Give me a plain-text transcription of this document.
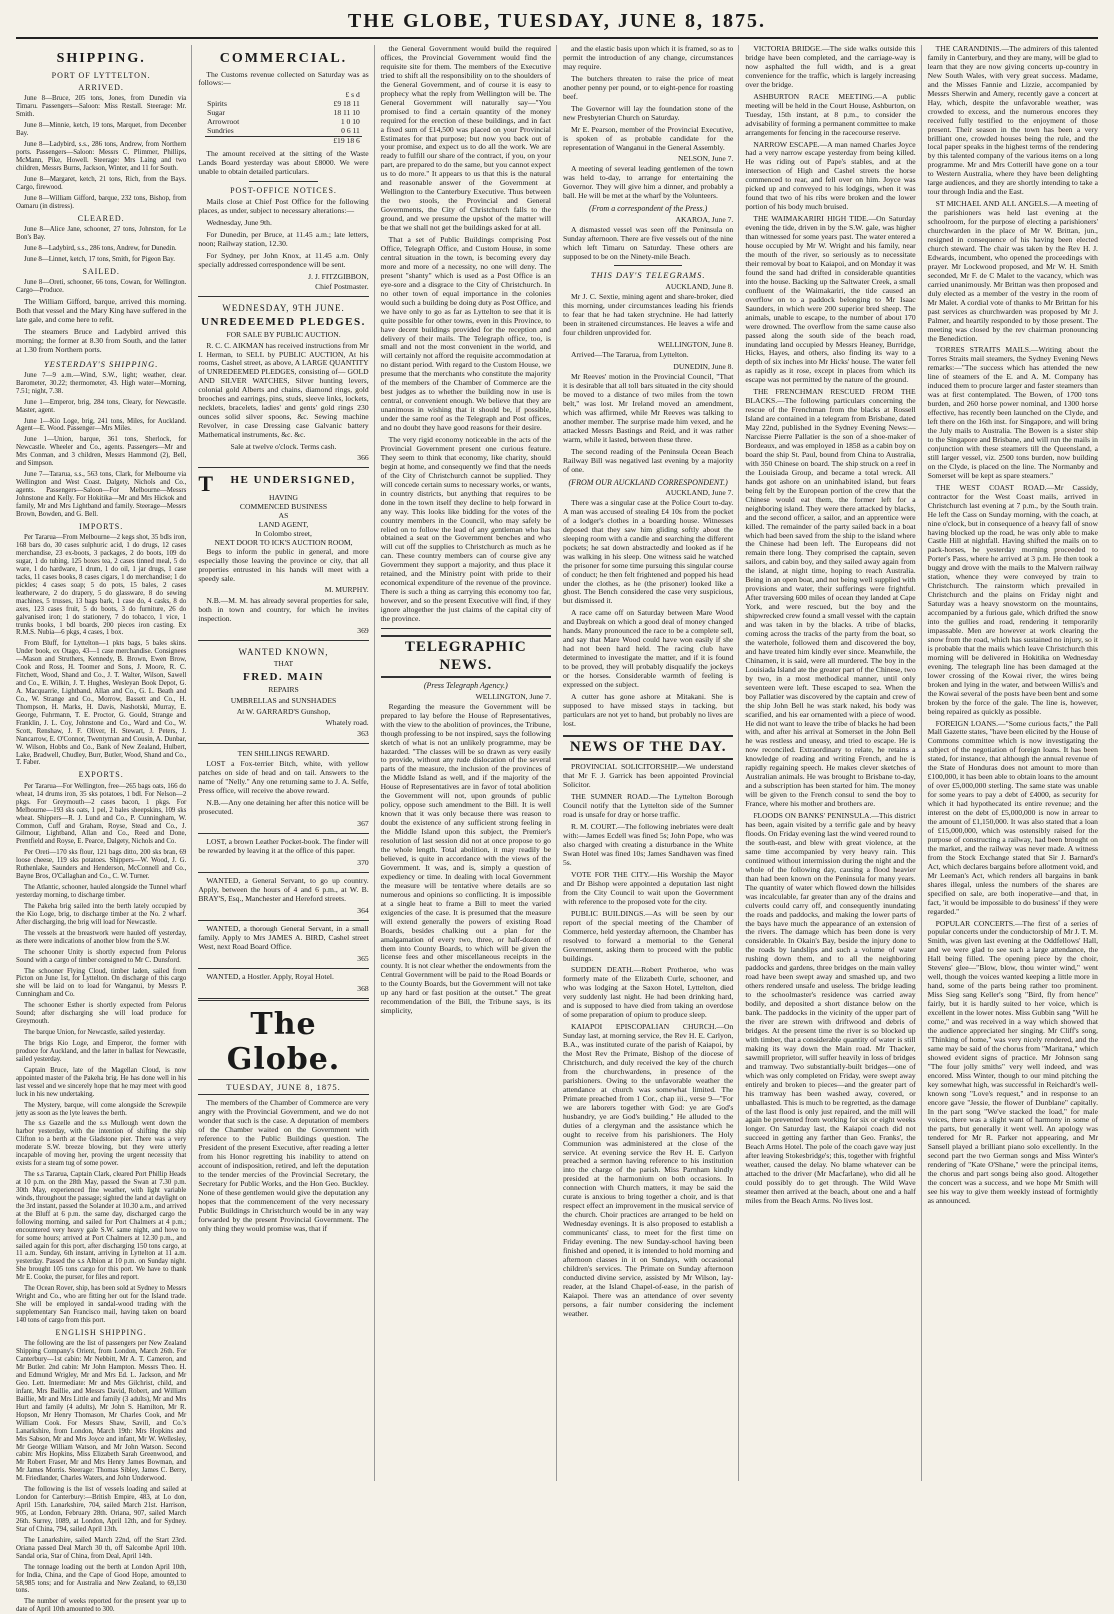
THE GLOBE, TUESDAY, JUNE 8, 1875.
SHIPPING.
PORT OF LYTTELTON.
ARRIVED.

June 8—Bruce, 205 tons, Jones, from Dunedin via Timaru. Passengers—Saloon: Miss Restall. Steerage: Mr. Smith.

June 8—Minnie, ketch, 19 tons, Marquet, from Decenber Bay.

June 8—Ladybird, s.s., 286 tons, Andrew, from Northern ports. Passengers—Saloon: Messrs C. Plimmer, Phillips, McMann, Pike, Howell. Steerage: Mrs Laing and two children, Messrs Burns, Jackson, Winter, and 11 for South.

June 8—Margaret, ketch, 21 tons, Rich, from the Bays. Cargo, firewood.

June 8—William Gifford, barque, 232 tons, Bishop, from Oamaru (in distress).

CLEARED.

June 8—Alice Jane, schooner, 27 tons, Johnston, for Le Bon's Bay.

June 8—Ladybird, s.s., 286 tons, Andrew, for Dunedin.

June 8—Linnet, ketch, 17 tons, Smith, for Pigeon Bay.

SAILED.

June 8—Oreti, schooner, 66 tons, Cowan, for Wellington. Cargo—Produce.

The William Gifford, barque, arrived this morning. Both that vessel and the Mary King have suffered in the late gale, and come here to refit.

The steamers Bruce and Ladybird arrived this morning; the former at 8.30 from South, and the latter at 1.30 from Northern ports.

YESTERDAY'S SHIPPING.

June 7—9 a.m.—Wind, S.W., light; weather, clear. Barometer, 30.22; thermometer, 43. High water—Morning, 7.51; night, 7.38.

June 1—Emperor, brig, 284 tons, Cleary, for Newcastle. Master, agent.

June 1—Kio Loge, brig, 241 tons, Miles, for Auckland. Agent—E. Wood. Passenger—Mrs Miles.

June 1—Union, barque, 361 tons, Sherlock, for Newcastle. Wheeler and Co., agents. Passengers—Mr and Mrs Conman, and 3 children, Messrs Hammond (2), Bell, and Simpson.

June 7—Tararua, s.s., 563 tons, Clark, for Melbourne via Wellington and West Coast. Dalgety, Nichols and Co., agents. Passengers—Saloon—For Melbourne—Messrs Johnstone and Kelly. For Hokitika—Mr and Mrs Hickok and family, Mr and Mrs Lightband and family. Steerage—Messrs Brown, Bowden, and G. Bell.

IMPORTS.

Per Tararua—From Melbourne—2 kegs shot, 35 bdls iron, 168 bars do, 30 cases sulphuric acid, 1 do drugs, 12 cases merchandise, 23 ex-boots, 3 packages, 2 do boots, 109 do sugar, 1 do tubing, 125 boxes tea, 2 cases tinned meal, 5 do ware, 1 do hardware, 1 drum, 1 do oil, 1 jar drugs, 1 case tacks, 11 cases books, 8 cases cigars, 1 do merchandise; 1 do pickles; 4 cases soap; 5 do pots, 15 bales, 2 cases leatherware, 2 do drapery, 5 do glassware, 8 do sewing machines, 5 trusses, 13 bags bark, 1 case do, 4 casks, 8 do axes, 123 cases fruit, 5 do boots, 3 do furniture, 26 do galvanised iron; 1 do stationery, 7 do tobacco, 1 vice, 1 trunks books, 1 bdl boards, 200 pieces iron casting. Ex R.M.S. Nubia—6 pkgs, 4 cases, 1 box.

From Bluff, for Lyttelton—1 pkts bags, 5 bales skins. Under book, ex Otago, 43—1 case merchandise. Consignees—Mason and Struthers, Kennedy, B. Brown, Ewen Brow, Cook and Ross, H. Toomer and Sons, J. Moore, R. C. Fitchett, Wood, Shand and Co., J. T. Walter, Wilson, Sawell and Co., E. Wilkin, J. T. Hughes, Wesleyan Book Depot, G. A. Macquarrie, Lightband, Allan and Co., G. L. Beath and Co., W. Strange and Co., Morrow, Bassett and Co., H. Thompson, H. Marks, H. Davis, Nashotski, Murray, E. George, Fuhrmann, T. E. Proctor, G. Gould, Strange and Franklin, J. L. Coy, Johnstone and Co., Ward and Co., W. Scott, Renshaw, J. F. Oliver, H. Stewart, J. Peters, J. Nancarrow, E. O'Connor, Twentyman and Cousin, A. Dunbar, W. Wilson, Hobbs and Co., Bank of New Zealand, Hulbert, Lake, Bradwell, Chudley, Burr, Butler, Wood, Shand and Co., T. Faber.

EXPORTS.

Per Tararua—For Wellington, free—265 bags oats, 166 do wheat, 14 drums iron, 35 sks potatoes, 1 bdl. For Nelson—2 pkgs. For Greymouth—2 cases bacon, 1 pkgs. For Melbourne—193 sks oats, 1 pel, 2 bales sheepskins, 109 sks wheat. Shippers—R. J. Lund and Co., P. Cunningham, W. Common, Cuff and Graham, Royse, Stead and Co., J. Gilmour, Lightband, Allan and Co., Reed and Done, Prentfield and Royse, E. Pearce, Dalgety, Nichols and Co.

Per Oreti—170 sks flour, 121 bags ditto, 200 sks bran, 69 loose cheese, 119 sks potatoes. Shippers—W. Wood, J. G. Ruthenlake, Saunders and Henderson, McConnell and Co., Bayne Bros, O'Callaghan and Co., C. W. Turner.

The Atlantic, schooner, hauled alongside the Tunnel wharf yesterday morning, to discharge timber.

The Pakeha brig sailed into the berth lately occupied by the Kio Loge, brig, to discharge timber at the No. 2 wharf. After discharging, the brig will load for Newcastle.

The vessels at the breastwork were hauled off yesterday, as there were indications of another blow from the S.W.

The schooner Unity is shortly expected from Pelorus Sound with a cargo of timber consigned to Mr C. Dunsford.

The schooner Flying Cloud, timber laden, sailed from Picton on June 1st, for Lyttelton. On discharge of this cargo she will be laid on to load for Wanganui, by Messrs P. Cunningham and Co.

The schooner Esther is shortly expected from Pelorus Sound; after discharging she will load produce for Greymouth.

The barque Union, for Newcastle, sailed yesterday.

The brigs Kio Loge, and Emperor, the former with produce for Auckland, and the latter in ballast for Newcastle, sailed yesterday.

Captain Bruce, late of the Magellan Cloud, is now appointed master of the Pakeha brig. He has done well in his last vessel and we sincerely hope that he may meet with good luck in his new undertaking.

The Mystery, barque, will come alongside the Screwpile jetty as soon as the lyte leaves the berth.

The s.s Gazelle and the s.s Mullough went down the harbor yesterday, with the intention of shifting the ship Clifton to a berth at the Gladstone pier. There was a very moderate S.W. breeze blowing, but they were utterly incapable of moving her, proving the urgent necessity that exists for a steam tug of some power.

The s.s Tararua, Captain Clark, cleared Port Phillip Heads at 10 p.m. on the 28th May, passed the Swan at 7.30 p.m. 30th May, experienced fine weather, with light variable winds, throughout the passage; sighted the land at daylight on the 3rd instant, passed the Solander at 10.30 a.m., and arrived at the Bluff at 6 p.m. the same day, discharged cargo the following morning, and sailed for Port Chalmers at 4 p.m.; encountered very heavy gale S.W. same night, and hove to for some hours; arrived at Port Chalmers at 12.30 p.m., and sailed again for this port, after discharging 150 tons cargo, at 11 a.m. Sunday, 6th instant, arriving in Lyttelton at 11 a.m. yesterday. Passed the s.s Albion at 10 p.m. on Sunday night. She brought 105 tons cargo for this port. We have to thank Mr E. Cooke, the purser, for files and report.

The Ocean Rover, ship, has been sold at Sydney to Messrs Wright and Co., who are fitting her out for the Island trade. She will be employed in sandal-wood trading with the supplementary San Francisco mail, having taken on board 140 tons of cargo from this port.

ENGLISH SHIPPING.

The following are the list of passengers per New Zealand Shipping Company's Orient, from London, March 26th. For Canterbury—1st cabin: Mr Nebbitt, Mr A. T. Cameron, and Mr Butler. 2nd cabin: Mr John Hampton. Messrs Theo. H. and Edmund Wrigley, Mr and Mrs Ed. L. Jackson, and Mr Geo. Lett. Intermediate: Mr and Mrs Gilchrist, child, and infant, Mrs Baillie, and Messrs David, Robert, and William Baillie, Mr and Mrs Little and family (3 adults), Mr and Mrs Hurt and family (4 adults), Mr John S. Hamilton, Mr R. Hopson, Mr Henry Thomason, Mr Charles Cook, and Mr William Cook. For Messrs Shaw, Savill, and Co.'s Lanarkshire, from London, March 19th: Mrs Hopkins and Mrs Sabson, Mr and Mrs Joyce and infant, Mr W. Wellesley, Mr George William Watson, and Mr John Watson. Second cabin: Mrs Hopkins, Miss Elizabeth Sarah Greenwood, and Mr Robert Fraser, Mr and Mrs Henry James Bowman, and Mr James Morris. Steerage: Thomas Sibley, James C. Berry, M. Friedlander, Charles Waters, and John Underwood.

The following is the list of vessels loading and sailed at London for Canterbury:—British Empire, 483, at Lo don, April 15th. Lanarkshire, 704, sailed March 21st. Harrison, 905, at London, February 28th. Oriana, 907, sailed March 26th. Surrey, 1089, at London, April 12th, and for Sydney. Star of China, 794, sailed April 13th.

The Lanarkshire, sailed March 22nd, off the Start 23rd. Oriana passed Deal March 30 th, off Salcombe April 10th. Sandal oria, Star of China, from Deal, April 14th.

The tonnage loading out the berth at London April 10th, for India, China, and the Cape of Good Hope, amounted to 58,985 tons; and for Australia and New Zealand, to 69,130 tons.

The number of weeks reported for the present year up to date of April 10th amounted to 300.

COMMERCIAL.

The Customs revenue collected on Saturday was as follows:—

	£ s d
Spirits	£9 18 11
Sugar	18 11 10
Arrowroot	1 0 10
Sundries	0 6 11
	£19 18 6

The amount received at the sitting of the Waste Lands Board yesterday was about £8000. We were unable to obtain detailed particulars.

POST-OFFICE NOTICES.

Mails close at Chief Post Office for the following places, as under, subject to necessary alterations:—

Wednesday, June 9th.

For Dunedin, per Bruce, at 11.45 a.m.; late letters, noon; Railway station, 12.30.

For Sydney, per John Knox, at 11.45 a.m. Only specially addressed correspondence will be sent.

J. J. FITZGIBBON,
Chief Postmaster.
WEDNESDAY, 9TH JUNE.
UNREDEEMED PLEDGES.
FOR SALE BY PUBLIC AUCTION.

R. C. C. AIKMAN has received instructions from Mr I. Herman, to SELL by PUBLIC AUCTION, At his rooms, Cashel street, as above, A LARGE QUANTITY of UNREDEEMED PLEDGES, consisting of— GOLD AND SILVER WATCHES, Silver hunting levers, colonial gold Alberts and chains, diamond rings, gold brooches and earrings, pins, studs, sleeve links, lockets, necklets, bracelets, ladies' and gents' gold rings 230 ounces solid silver spoons, &c. Sewing machine Revolver, in case Dressing case Galvanic battery Mathematical instruments, &c. &c.

Sale at twelve o'clock. Terms cash.
366
T HE UNDERSIGNED,
HAVING
COMMENCED BUSINESS
AS
LAND AGENT,
In Colombo street,
NEXT DOOR TO ICK'S AUCTION ROOM,

Begs to inform the public in general, and more especially those leaving the province or city, that all properties entrusted in his hands will meet with a speedy sale.

M. MURPHY.

N.B.—M. M. has already several properties for sale, both in town and country, for which he invites inspection.

369
WANTED KNOWN,
THAT
FRED. MAIN
REPAIRS
UMBRELLAS and SUNSHADES
At W. GARRARD'S Gunshop,
Whately road.
363
TEN SHILLINGS REWARD.

LOST a Fox-terrier Bitch, white, with yellow patches on side of head and on tail. Answers to the name of "Nelly." Any one returning same to J. A. Selfe, Press office, will receive the above reward.

N.B.—Any one detaining her after this notice will be prosecuted.

367

LOST, a brown Leather Pocket-book. The finder will be rewarded by leaving it at the office of this paper.

370

WANTED, a General Servant, to go up country. Apply, between the hours of 4 and 6 p.m., at W. B. BRAY'S, Esq., Manchester and Hereford streets.

364

WANTED, a thorough General Servant, in a small family. Apply to Mrs JAMES A. BIRD, Cashel street West, next Road Board Office.

365

WANTED, a Hostler. Apply, Royal Hotel.

368
The Globe.
TUESDAY, JUNE 8, 1875.

The members of the Chamber of Commerce are very angry with the Provincial Government, and we do not wonder that such is the case. A deputation of members of the Chamber waited on the Government with reference to the Public Buildings question. The President of the present Executive, after reading a letter from his Honor regretting his inability to attend on account of indisposition, retired, and left the deputation to the tender mercies of the Provincial Secretary, the Secretary for Public Works, and the Hon Geo. Buckley. None of these gentlemen would give the deputation any hopes that the commencement of the very necessary Public Buildings in Christchurch would be in any way forwarded by the present Provincial Government. The only thing they would promise was, that if

the General Government would build the required offices, the Provincial Government would find the requisite site for them. The members of the Executive tried to shift all the responsibility on to the shoulders of the General Government, and of course it is easy to prophecy what the reply from Wellington will be. The General Government will naturally say—"You promised to find a certain quantity of the money required for the erection of these buildings, and in fact a fixed sum of £14,500 was placed on your Provincial Estimates for that purpose; but now you back out of your promise, and expect us to do all the work. We are ready to fulfill our share of the contract, if you, on your part, are prepared to do the same, but you cannot expect us to do more." It appears to us that this is the natural and reasonable answer of the Government at Wellington to the Canterbury Executive. Thus between the two stools, the Provincial and General Governments, the City of Christchurch falls to the ground, and we presume the upshot of the matter will be that we shall not get the buildings asked for at all.

That a set of Public Buildings comprising Post Office, Telegraph Office, and Custom House, in some central situation in the town, is becoming every day more and more of a necessity, no one will deny. The present "shanty" which is used as a Post Office is an eye-sore and a disgrace to the City of Christchurch. In no other town of equal importance in the colonies would such a building be doing duty as Post Office, and we have only to go as far as Lyttelton to see that it is quite possible for other towns, even in this Province, to have decent buildings provided for the reception and delivery of their mails. The Telegraph office, too, is small and not the most convenient in the world, and will certainly not afford the requisite accommodation at no distant period. With regard to the Custom House, we presume that the merchants who constitute the majority of the members of the Chamber of Commerce are the best judges as to whether the building now in use is central, or convenient enough. We believe that they are unanimous in wishing that it should be, if possible, under the same roof as the Telegraph and Post offices, and no doubt they have good reasons for their desire.

The very rigid economy noticeable in the acts of the Provincial Government present one curious feature. They seem to think that economy, like charity, should begin at home, and consequently we find that the needs of the City of Christchurch cannot be supplied. They will concede certain sums to necessary works, or wants, in country districts, but anything that requires to be done in the town itself they decline to help forward in any way. This looks like bidding for the votes of the country members in the Council, who may safely be relied on to follow the lead of any gentleman who has obtained a seat on the Government benches and who will cut off the supplies to Christchurch as much as he can. These country members can of course give any Government they support a majority, and thus place it retained, and the Ministry point with pride to their economical expenditure of the revenue of the province. There is such a thing as carrying this economy too far, however, and so the present Executive will find, if they ignore altogether the just claims of the capital city of the province.

TELEGRAPHIC NEWS.
(Press Telegraph Agency.)
WELLINGTON, June 7.

Regarding the measure the Government will be prepared to lay before the House of Representatives, with the view to the abolition of provinces, the Tribune, though professing to be not inspired, says the following sketch of what is not an unlikely programme, may be hazarded. "The classes will be so drawn as very easily to provide, without any rude dislocation of the several parts of the measure, the inclusion of the provinces of the Middle Island as well, and if the majority of the House of Representatives are in favor of total abolition the Government will not, upon grounds of public policy, oppose such amendment to the Bill. It is well known that it was only because there was reason to doubt the existence of any sufficient strong feeling in the Middle Island upon this subject, the Premier's resolution of last session did not at once propose to go the whole length. Total abolition, it may readily be believed, is quite in accordance with the views of the Government. It was, and is, simply a question of expediency or time. In dealing with local Government the measure will be tentative where details are so numerous and opinions so conflicting. It is impossible at a single heat to frame a Bill to meet the varied exigencies of the case. It is presumed that the measure will extend generally the powers of existing Road Boards, besides chalking out a plan for the amalgamation of every two, three, or half-dozen of them into County Boards, to which will be given the license fees and other miscellaneous receipts in the county. It is not clear whether the endowments from the Central Government will be paid to the Road Boards or to the County Boards, but the Government will not take up any hard or fast position at the outset." The great recommendation of the Bill, the Tribune says, is its simplicity,

and the elastic basis upon which it is framed, so as to permit the introduction of any change, circumstances may require.

The butchers threaten to raise the price of meat another penny per pound, or to eight-pence for roasting beef.

The Governor will lay the foundation stone of the new Presbyterian Church on Saturday.

Mr E. Pearson, member of the Provincial Executive, is spoken of as probable candidate for the representation of Wanganui in the General Assembly.

NELSON, June 7.

A meeting of several leading gentlemen of the town was held to-day, to arrange for entertaining the Governor. They will give him a dinner, and probably a ball. He will be met at the wharf by the Volunteers.

(From a correspondent of the Press.)
AKAROA, June 7.

A dismasted vessel was seen off the Peninsula on Sunday afternoon. There are five vessels out of the nine which left Timaru on Saturday. These others are supposed to be on the Ninety-mile Beach.

THIS DAY'S TELEGRAMS.
AUCKLAND, June 8.

Mr J. C. Sextie, mining agent and share-broker, died this morning, under circumstances leading his friends to fear that he had taken strychnine. He had latterly been in straitened circumstances. He leaves a wife and four children unprovided for.

WELLINGTON, June 8.

Arrived—The Tararua, from Lyttelton.

DUNEDIN, June 8.

Mr Reeves' motion in the Provincial Council, "That it is desirable that all toll bars situated in the city should be moved to a distance of two miles from the town belt," was lost. Mr Ireland moved an amendment, which was affirmed, while Mr Reeves was talking to another member. The surprise made him vexed, and he attacked Messrs Bastings and Reid, and it was rather warm, while it lasted, between these three.

The second reading of the Peninsula Ocean Beach Railway Bill was negatived last evening by a majority of one.

(FROM OUR AUCKLAND CORRESPONDENT.)
AUCKLAND, June 7.

There was a singular case at the Police Court to-day. A man was accused of stealing £4 10s from the pocket of a lodger's clothes in a boarding house. Witnesses deposed that they saw him gliding softly about the sleeping room with a candle and searching the different pockets; he sat down abstractedly and looked as if he was walking in his sleep. One witness said he watched the prisoner for some time pursuing this singular course of conduct; he then felt frightened and popped his head under the clothes, as he (the prisoner) looked like a ghost. The Bench considered the case very suspicious, but dismissed it.

A race came off on Saturday between Mare Wood and Daybreak on which a good deal of money changed hands. Many pronounced the race to be a complete sell, and say that Mare Wood could have won easily if she had not been hard held. The racing club have determined to investigate the matter, and if it is found to be proved, they will probably disqualify the jockeys or the horses. Considerable warmth of feeling is expressed on the subject.

A cutter has gone ashore at Mitakani. She is supposed to have missed stays in tacking, but particulars are not yet to hand, but probably no lives are lost.

NEWS OF THE DAY.

PROVINCIAL SOLICITORSHIP.—We understand that Mr F. J. Garrick has been appointed Provincial Solicitor.

THE SUMNER ROAD.—The Lyttelton Borough Council notify that the Lyttelton side of the Sumner road is unsafe for dray or horse traffic.

R. M. COURT.—The following inebriates were dealt with:—James Ecdell was fined 5s; John Pope, who was also charged with creating a disturbance in the White Swan Hotel was fined 10s; James Sandhaven was fined 5s.

VOTE FOR THE CITY.—His Worship the Mayor and Dr Bishop were appointed a deputation last night from the City Council to wait upon the Government with reference to the proposed vote for the city.

PUBLIC BUILDINGS.—As will be seen by our report of the special meeting of the Chamber of Commerce, held yesterday afternoon, the Chamber has resolved to forward a memorial to the General Government, asking them to proceed with the public buildings.

SUDDEN DEATH.—Robert Protheroe, who was formerly mate of the Elizabeth Curle, schooner, and who was lodging at the Saxon Hotel, Lyttelton, died very suddenly last night. He had been drinking hard, and is supposed to have died from taking an overdose of some preparation of opium to produce sleep.

KAIAPOI EPISCOPALIAN CHURCH.—On Sunday last, at morning service, the Rev H. E. Carlyon, B.A., was instituted curate of the parish of Kaiapoi, by the Most Rev the Primate, Bishop of the diocese of Christchurch, and duly received the key of the church from the churchwardens, in presence of the parishioners. Owing to the unfavorable weather the attendance at church was somewhat limited. The Primate preached from 1 Cor., chap iii., verse 9—"For we are laborers together with God: ye are God's husbandry, ye are God's building." He alluded to the duties of a clergyman and the assistance which he ought to receive from his parishioners. The Holy Communion was administered at the close of the service. At evening service the Rev H. E. Carlyon preached a sermon having reference to his institution into the charge of the parish. Miss Parnham kindly presided at the harmonium on both occasions. In connection with Church matters, it may be said the curate is anxious to bring together a choir, and is that respect effect an improvement in the musical service of the church. Choir practices are arranged to be held on Wednesday evenings. It is also proposed to establish a communicants' class, to meet for the first time on Friday evening. The new Sunday-school having been finished and opened, it is intended to hold morning and afternoon classes in it on Sundays, with occasional children's services. The Primate on Sunday afternoon conducted divine service, assisted by Mr Wilson, lay-reader, at the Island Chapel-of-ease, in the parish of Kaiapoi. There was an attendance of over seventy persons, a fair number considering the inclement weather.

VICTORIA BRIDGE.—The side walks outside this bridge have been completed, and the carriage-way is now asphalted the full width, and is a great convenience for the traffic, which is largely increasing over the bridge.

ASHBURTON RACE MEETING.—A public meeting will be held in the Court House, Ashburton, on Tuesday, 15th instant, at 8 p.m., to consider the advisability of forming a permanent committee to make arrangements for fencing in the racecourse reserve.

NARROW ESCAPE.—A man named Charles Joyce had a very narrow escape yesterday from being killed. He was riding out of Pape's stables, and at the intersection of High and Cashel streets the horse commenced to rear, and fell over on him. Joyce was picked up and conveyed to his lodgings, when it was found that two of his ribs were broken and the lower portion of his body much bruised.

THE WAIMAKARIRI HIGH TIDE.—On Saturday evening the tide, driven in by the S.W. gale, was higher than witnessed for some years past. The water entered a house occupied by Mr W. Wright and his family, near the mouth of the river, so seriously as to necessitate their removal by boat to Kaiapoi, and on Monday it was found the sand had drifted in considerable quantities into the house. Backing up the Saltwater Creek, a small confluent of the Waimakariri, the tide caused an overflow on to a paddock belonging to Mr Isaac Saunders, in which were 200 superior bred sheep. The animals, unable to escape, to the number of about 170 were drowned. The overflow from the same cause also passed along the south side of the beach road, inundating land occupied by Messrs Heaney, Burridge, Hicks, Hayes, and others, also finding its way to a depth of six inches into Mr Hicks' house. The water fell as rapidly as it rose, except in places from which its escape was not permitted by the nature of the ground.

THE FRENCHMAN RESCUED FROM THE BLACKS.—The following particulars concerning the rescue of the Frenchman from the blacks at Rossell Island are contained in a telegram from Brisbane, dated May 22nd, published in the Sydney Evening News:—Narcisse Pierre Pallatier is the son of a shoe-maker of Bordeaux, and was employed in 1858 as a cabin boy on board the ship St. Paul, bound from China to Australia, with 350 Chinese on board. The ship struck on a reef in the Louisiada Group, and became a total wreck. All hands got ashore on an uninhabited island, but fears being felt by the European portion of the crew that the Chinese would eat them, the former left for a neighboring island. They were there attacked by blacks, and the second officer, a sailor, and an apprentice were killed. The remainder of the party sailed back in a boat which had been saved from the ship to the island where the Chinese had been left. The Europeans did not remain there long. They comprised the captain, seven sailors, and cabin boy, and they sailed away again from the island, at night time, hoping to reach Australia. Being in an open boat, and not being well supplied with provisions and water, their sufferings were frightful. After traversing 600 miles of ocean they landed at Cape York, and were rescued, but the boy and the shipwrecked crew found a small vessel with the captain and was taken in by the blacks. A tribe of blacks, coming across the tracks of the party from the boat, so the waterhole, followed them and discovered the boy, and have treated him kindly ever since. Meanwhile, the Chinamen, it is said, were all murdered. The boy in the Louisiada Island ate the greater part of the Chinese, two by two, in a most methodical manner, until only seventeen were left. These escaped to sea. When the boy Pallatier was discovered by the captain and crew of the ship John Bell he was stark naked, his body was scarified, and his ear ornamented with a piece of wood. He did not want to leave the tribe of blacks he had been with, and after his arrival at Somerset in the John Bell he was restless and uneasy, and tried to escape. He is now reconciled. Extraordinary to relate, he retains a knowledge of reading and writing French, and he is rapidly regaining speech. He makes clever sketches of Australian animals. He was brought to Brisbane to-day, and a subscription has been started for him. The money will be given to the French consul to send the boy to France, where his mother and brothers are.

FLOODS ON BANKS' PENINSULA.—This district has been, again visited by a terrific gale and by heavy floods. On Friday evening last the wind veered round to the south-east, and blew with great violence, at the same time accompanied by very heavy rain. This continued without intermission during the night and the whole of the following day, causing a flood heavier than had been known on the Peninsula for many years. The quantity of water which flowed down the hillsides was incalculable, far greater than any of the drains and culverts could carry off, and consequently inundating the roads and paddocks, and making the lower parts of the bays have much the appearance of an extension of the rivers. The damage which has been done is very considerable. In Okain's Bay, beside the injury done to the roads by landslips and such a volume of water rushing down them, and to all the neighboring paddocks and gardens, three bridges on the main valley road have been swept away and smashed up, and two others rendered unsafe and useless. The bridge leading to the schoolmaster's residence was carried away bodily, and deposited a short distance below on the bank. The paddocks in the vicinity of the upper part of the river are strewn with driftwood and debris of bridges. At the present time the river is so blocked up with timber, that a considerable quantity of water is still making its way down the Main road. Mr Thacker, sawmill proprietor, will suffer heavily in loss of bridges and tramway. Two substantially-built bridges—one of which was only completed on Friday, were swept away entirely and broken to pieces—and the greater part of his tramway has been washed away, covered, or unballasted. This is much to be regretted, as the damage of the last flood is only just repaired, and the mill will again be prevented from working for six or eight weeks longer. On Saturday last, the Kaiapoi coach did not succeed in getting any farther than Geo. Franks', the Beach Arms Hotel. The pole of the coach gave way just after leaving Stokesbridge's; this, together with frightful weather, caused the delay. No blame whatever can be attached to the driver (Mr Macfarlane), who did all he could possibly do to get through. The Wild Wave steamer then arrived at the beach, about one and a half miles from the Beach Arms. No lives lost.

THE CARANDINIS.—The admirers of this talented family in Canterbury, and they are many, will be glad to learn that they are now giving concerts up-country in New South Wales, with very great success. Madame, and the Misses Fannie and Lizzie, accompanied by Messrs Sherwin and Amery, recently gave a concert at Hay, which, despite the unfavorable weather, was crowded to excess, and the numerous encores they received fully testified to the enjoyment of those present. Their season in the town has been a very brilliant one, crowded houses being the rule, and the local paper speaks in the highest terms of the rendering by this talented company of the various items on a long programme. Mr and Mrs Cotterill have gone on a tour to Western Australia, where they have been delighting large audiences, and they are shortly intending to take a tour through India and the East.

ST MICHAEL AND ALL ANGELS.—A meeting of the parishioners was held last evening at the schoolroom, for the purpose of electing a parishioners' churchwarden in the place of Mr W. Brittan, jun., resigned in consequence of his having been elected church steward. The chair was taken by the Rev H. J. Edwards, incumbent, who opened the proceedings with prayer. Mr Lockwood proposed, and Mr W. H. Smith seconded, Mr F. de C Malet to the vacancy, which was carried unanimously. Mr Brittan was then proposed and duly elected as a member of the vestry in the room of Mr Malet. A cordial vote of thanks to Mr Brittan for his past services as churchwarden was proposed by Mr J. Palmer, and heartily responded to by those present. The meeting was closed by the rev chairman pronouncing the Benediction.

TORRES STRAITS MAILS.—Writing about the Torres Straits mail steamers, the Sydney Evening News remarks:—"The success which has attended the new line of steamers of the E. and A. M. Company has induced them to procure larger and faster steamers than was at first contemplated. The Bowen, of 1700 tons burden, and 260 horse power nominal, and 1300 horse effective, has recently been launched on the Clyde, and left there on the 16th inst. for Singapore, and will bring the July mails to Australia. The Bowen is a sister ship to the Singapore and Brisbane, and will run the mails in conjunction with these steamers till the Queensland, a still larger vessel, viz. 2500 tons burden, now building on the Clyde, is placed on the line. The Normanby and Somerset will be kept as spare steamers."

THE WEST COAST ROAD.—Mr Cassidy, contractor for the West Coast mails, arrived in Christchurch last evening at 7 p.m., by the South train. He left the Cass on Sunday morning, with the coach, at nine o'clock, but in consequence of a heavy fall of snow having blocked up the road, he was only able to make Castle Hill at nightfall. Having shifted the mails on to pack-horses, he yesterday morning proceeded to Porter's Pass, where he arrived at 3 p.m. He then took a buggy and drove with the mails to the Malvern railway station, whence they were conveyed by train to Christchurch. The rainstorm which prevailed in Christchurch and the plains on Friday night and Saturday was a heavy snowstorm on the mountains, accompanied by a furious gale, which drifted the snow into the gullies and road, rendering it temporarily impassable. Men are however at work clearing the snow from the road, which has sustained no injury, so it is probable that the mails which leave Christchurch this morning will be delivered in Hokitika on Wednesday evening. The telegraph line has been damaged at the lower crossing of the Kowai river, the wires being broken and lying in the water, and between Willis's and the Kowai several of the posts have been bent and some broken by the force of the gale. The line is, however, being repaired as quickly as possible.

FOREIGN LOANS.—"Some curious facts," the Pall Mall Gazette states, "have been elicited by the House of Commons committee which is now investigating the subject of the negotiation of foreign loans. It has been stated, for instance, that although the annual revenue of the State of Honduras does not amount to more than £100,000, it has been able to obtain loans to the amount of over £5,000,000 sterling. The same state was unable for some years to pay a debt of £4000, as security for which it had hypothecated its entire revenue; and the interest on the debt of £5,000,000 is now in arrear to the amount of £1,150,000. It was also stated that a loan of £15,000,000, which was ostensibly raised for the purpose of constructing a railway, had been brought on the market, and the railway was never made. A witness from the Stock Exchange stated that Sir J. Barnard's Act, which declares bargains before allotment void, and Mr Leeman's Act, which renders all bargains in bank shares illegal, unless the numbers of the shares are specified on sale, are both inoperative—and that, in fact, 'it would be impossible to do business' if they were regarded."

POPULAR CONCERTS.—The first of a series of popular concerts under the conductorship of Mr J. T. M. Smith, was given last evening at the Oddfellows' Hall, and we were glad to see such a large attendance, the Hall being filled. The opening piece by the choir, Stevens' glee—"Blow, blow, thou winter wind," went well, though the voices wanted keeping a little more in hand, some of the parts being rather too prominent. Miss Sieg sang Keller's song "Bird, fly from hence" fairly, but it is hardly suited to her voice, which is excellent in the lower notes. Miss Gubbin sang "Will he come," and was received in a way which showed that the audience appreciated her singing. Mr Cliff's song, "Thinking of home," was very nicely rendered, and the same may be said of the chorus from "Maritana," which showed evident signs of practice. Mr Johnson sang "The four jolly smiths" very well indeed, and was encored. Miss Winter, though to our mind pitching the key somewhat high, was successful in Reichardt's well-known song "Love's request," and in response to an encore gave "Jessie, the flower of Dunblane" capitally. In the part song "We've stacked the load," for male voices, there was a slight want of harmony in some of the parts, but generally it went well. An apology was tendered for Mr R. Parker not appearing, and Mr Sansell played a brilliant piano solo excellently. In the second part the two German songs and Miss Winter's rendering of "Kate O'Shane," were the principal items, the chorus and part songs being also good. Altogether the concert was a success, and we hope Mr Smith will see his way to give them weekly instead of fortnightly as announced.
